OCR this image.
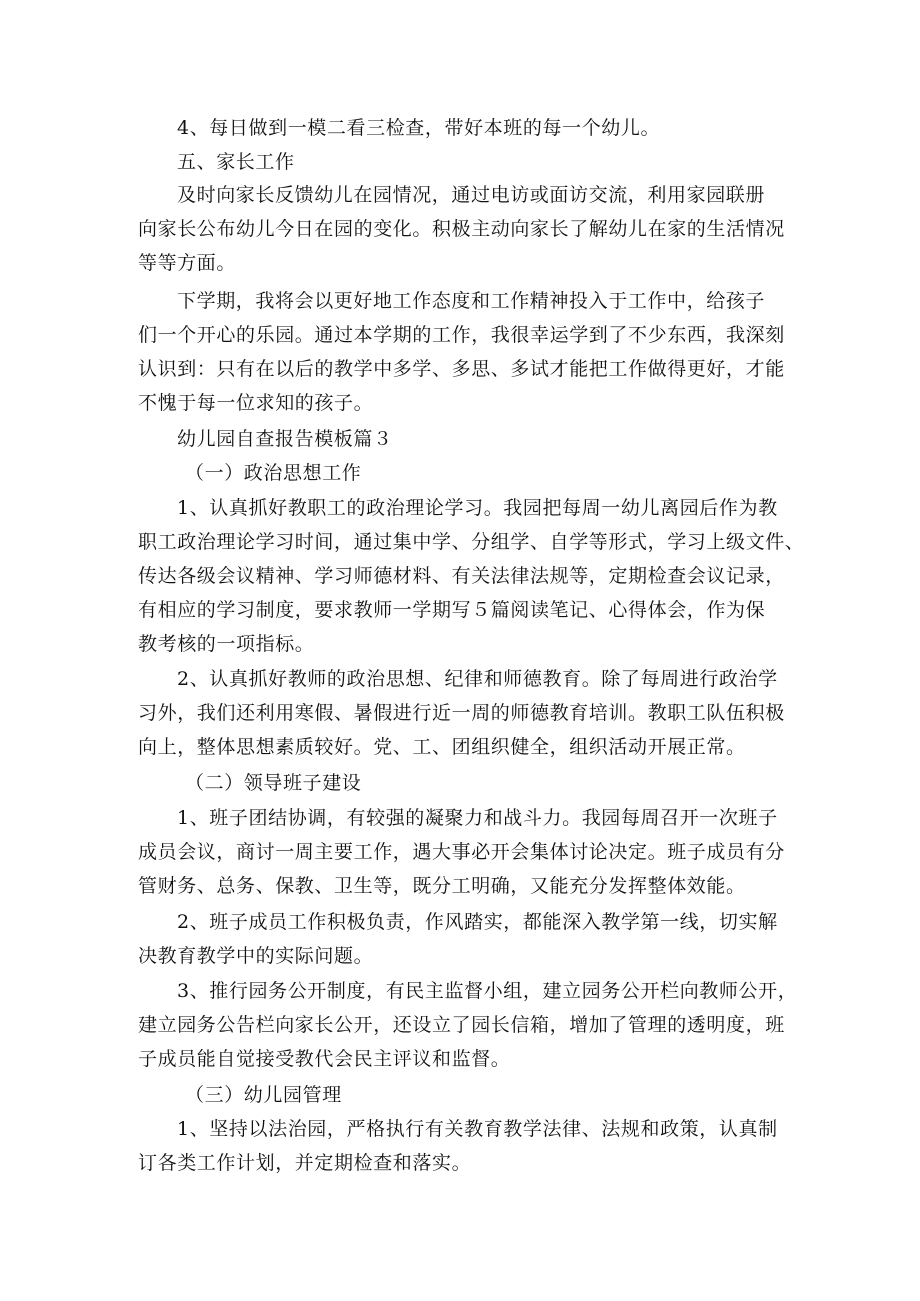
4、每日做到一模二看三检查，带好本班的每一个幼儿。
五、家长工作
及时向家长反馈幼儿在园情况，通过电访或面访交流，利用家园联册
向家长公布幼儿今日在园的变化。积极主动向家长了解幼儿在家的生活情况
等等方面。
下学期，我将会以更好地工作态度和工作精神投入于工作中，给孩子
们一个开心的乐园。通过本学期的工作，我很幸运学到了不少东西，我深刻
认识到：只有在以后的教学中多学、多思、多试才能把工作做得更好，才能
不愧于每一位求知的孩子。
幼儿园自查报告模板篇３
（一）政治思想工作
1、认真抓好教职工的政治理论学习。我园把每周一幼儿离园后作为教
职工政治理论学习时间，通过集中学、分组学、自学等形式，学习上级文件、
传达各级会议精神、学习师德材料、有关法律法规等，定期检查会议记录，
有相应的学习制度，要求教师一学期写５篇阅读笔记、心得体会，作为保
教考核的一项指标。
2、认真抓好教师的政治思想、纪律和师德教育。除了每周进行政治学
习外，我们还利用寒假、暑假进行近一周的师德教育培训。教职工队伍积极
向上，整体思想素质较好。党、工、团组织健全，组织活动开展正常。
（二）领导班子建设
1、班子团结协调，有较强的凝聚力和战斗力。我园每周召开一次班子
成员会议，商讨一周主要工作，遇大事必开会集体讨论决定。班子成员有分
管财务、总务、保教、卫生等，既分工明确，又能充分发挥整体效能。
2、班子成员工作积极负责，作风踏实，都能深入教学第一线，切实解
决教育教学中的实际问题。
3、推行园务公开制度，有民主监督小组，建立园务公开栏向教师公开，
建立园务公告栏向家长公开，还设立了园长信箱，增加了管理的透明度，班
子成员能自觉接受教代会民主评议和监督。
（三）幼儿园管理
1、坚持以法治园，严格执行有关教育教学法律、法规和政策，认真制
订各类工作计划，并定期检查和落实。
